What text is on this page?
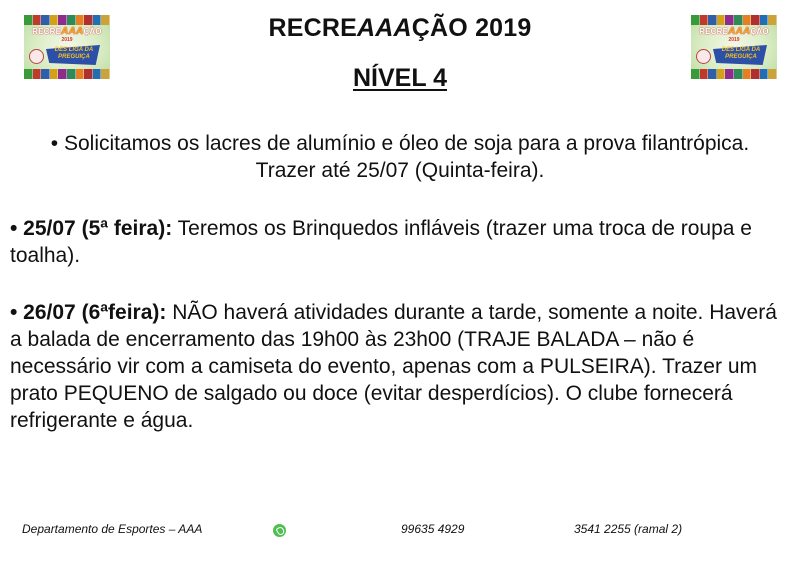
RECREAAAÇÃO
2019
DES LIGA DA
PREGUIÇA
RECREAAAÇÃO
2019
DES LIGA DA
PREGUIÇA
RECREAAAÇÃO 2019
NÍVEL 4
• Solicitamos os lacres de alumínio e óleo de soja para a prova filantrópica. Trazer até 25/07 (Quinta-feira).
• 25/07 (5ª feira): Teremos os Brinquedos infláveis (trazer uma troca de roupa e toalha).
• 26/07 (6ªfeira): NÃO haverá atividades durante a tarde, somente a noite. Haverá a balada de encerramento das 19h00 às 23h00 (TRAJE BALADA – não é necessário vir com a camiseta do evento, apenas com a PULSEIRA). Trazer um prato PEQUENO de salgado ou doce (evitar desperdícios). O clube fornecerá refrigerante e água.
Departamento de Esportes – AAA	99635 4929	3541 2255 (ramal 2)
